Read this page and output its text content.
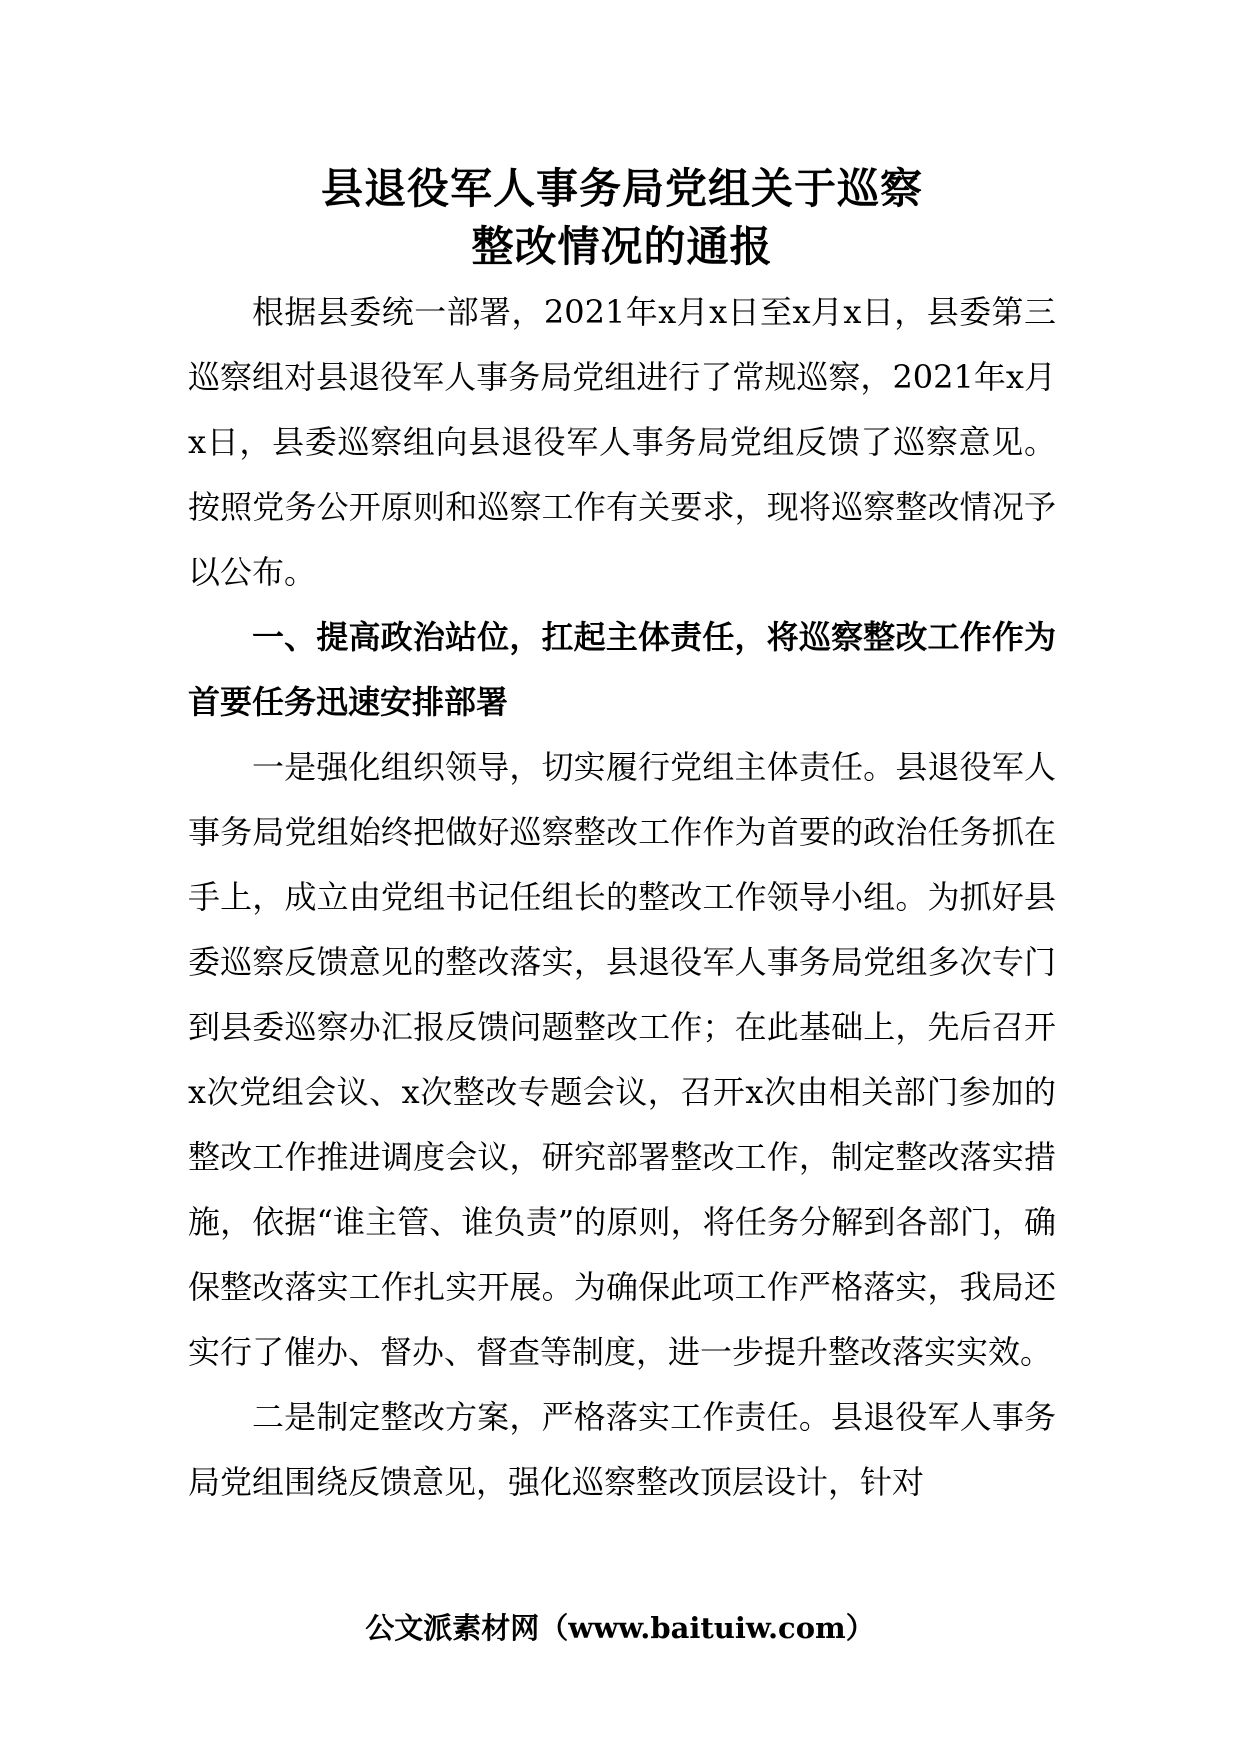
县退役军人事务局党组关于巡察
整改情况的通报

根据县委统一部署，2021年x月x日至x月x日，县委第三巡察组对县退役军人事务局党组进行了常规巡察，2021年x月x日，县委巡察组向县退役军人事务局党组反馈了巡察意见。按照党务公开原则和巡察工作有关要求，现将巡察整改情况予以公布。

一、提高政治站位，扛起主体责任，将巡察整改工作作为首要任务迅速安排部署

一是强化组织领导，切实履行党组主体责任。县退役军人事务局党组始终把做好巡察整改工作作为首要的政治任务抓在手上，成立由党组书记任组长的整改工作领导小组。为抓好县委巡察反馈意见的整改落实，县退役军人事务局党组多次专门到县委巡察办汇报反馈问题整改工作；在此基础上，先后召开x次党组会议、x次整改专题会议，召开x次由相关部门参加的整改工作推进调度会议，研究部署整改工作，制定整改落实措施，依据“谁主管、谁负责”的原则，将任务分解到各部门，确保整改落实工作扎实开展。为确保此项工作严格落实，我局还实行了催办、督办、督查等制度，进一步提升整改落实实效。

二是制定整改方案，严格落实工作责任。县退役军人事务局党组围绕反馈意见，强化巡察整改顶层设计，针对

公文派素材网（www.baituiw.com）
